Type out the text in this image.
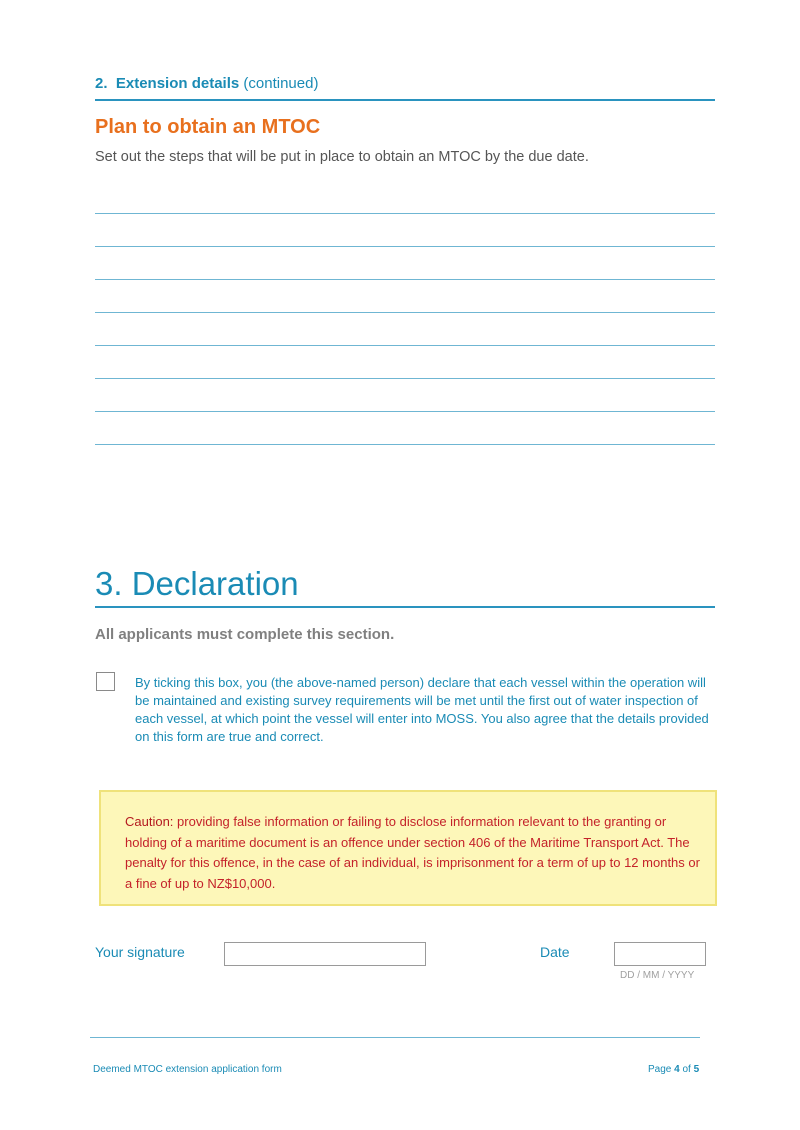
2. Extension details (continued)
Plan to obtain an MTOC
Set out the steps that will be put in place to obtain an MTOC by the due date.
3. Declaration
All applicants must complete this section.
By ticking this box, you (the above-named person) declare that each vessel within the operation will be maintained and existing survey requirements will be met until the first out of water inspection of each vessel, at which point the vessel will enter into MOSS. You also agree that the details provided on this form are true and correct.
Caution: providing false information or failing to disclose information relevant to the granting or holding of a maritime document is an offence under section 406 of the Maritime Transport Act. The penalty for this offence, in the case of an individual, is imprisonment for a term of up to 12 months or a fine of up to NZ$10,000.
Your signature	Date
DD / MM / YYYY
Deemed MTOC extension application form	Page 4 of 5
